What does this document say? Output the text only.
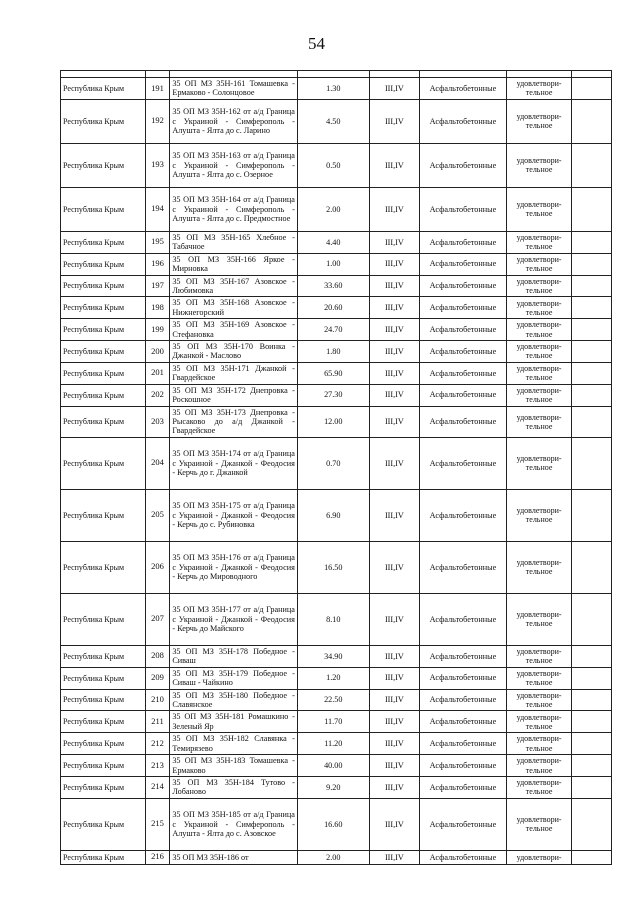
54

Республика Крым	191	35 ОП МЗ 35Н-161 Томашевка - Ермаково - Солонцовое	1.30	III,IV	Асфальтобетонные	удовлетвори-тельное	
Республика Крым	192	35 ОП МЗ 35Н-162 от а/д Граница с Украиной - Симферополь - Алушта - Ялта до с. Ларино	4.50	III,IV	Асфальтобетонные	удовлетвори-тельное	
Республика Крым	193	35 ОП МЗ 35Н-163 от а/д Граница с Украиной - Симферополь - Алушта - Ялта до с. Озерное	0.50	III,IV	Асфальтобетонные	удовлетвори-тельное	
Республика Крым	194	35 ОП МЗ 35Н-164 от а/д Граница с Украиной - Симферополь - Алушта - Ялта до с. Предмостное	2.00	III,IV	Асфальтобетонные	удовлетвори-тельное	
Республика Крым	195	35 ОП МЗ 35Н-165 Хлебное - Табачное	4.40	III,IV	Асфальтобетонные	удовлетвори-тельное	
Республика Крым	196	35 ОП МЗ 35Н-166 Яркое - Мирновка	1.00	III,IV	Асфальтобетонные	удовлетвори-тельное	
Республика Крым	197	35 ОП МЗ 35Н-167 Азовское - Любимовка	33.60	III,IV	Асфальтобетонные	удовлетвори-тельное	
Республика Крым	198	35 ОП МЗ 35Н-168 Азовское - Нижнегорский	20.60	III,IV	Асфальтобетонные	удовлетвори-тельное	
Республика Крым	199	35 ОП МЗ 35Н-169 Азовское - Стефановка	24.70	III,IV	Асфальтобетонные	удовлетвори-тельное	
Республика Крым	200	35 ОП МЗ 35Н-170 Воинка - Джанкой - Маслово	1.80	III,IV	Асфальтобетонные	удовлетвори-тельное	
Республика Крым	201	35 ОП МЗ 35Н-171 Джанкой - Гвардейское	65.90	III,IV	Асфальтобетонные	удовлетвори-тельное	
Республика Крым	202	35 ОП МЗ 35Н-172 Днепровка - Роскошное	27.30	III,IV	Асфальтобетонные	удовлетвори-тельное	
Республика Крым	203	35 ОП МЗ 35Н-173 Днепровка - Рысаково до а/д Джанкой - Гвардейское	12.00	III,IV	Асфальтобетонные	удовлетвори-тельное	
Республика Крым	204	35 ОП МЗ 35Н-174 от а/д Граница с Украиной - Джанкой - Феодосия - Керчь до г. Джанкой	0.70	III,IV	Асфальтобетонные	удовлетвори-тельное	
Республика Крым	205	35 ОП МЗ 35Н-175 от а/д Граница с Украиной - Джанкой - Феодосия - Керчь до с. Рубиновка	6.90	III,IV	Асфальтобетонные	удовлетвори-тельное	
Республика Крым	206	35 ОП МЗ 35Н-176 от а/д Граница с Украиной - Джанкой - Феодосия - Керчь до Мироводного	16.50	III,IV	Асфальтобетонные	удовлетвори-тельное	
Республика Крым	207	35 ОП МЗ 35Н-177 от а/д Граница с Украиной - Джанкой - Феодосия - Керчь до Майского	8.10	III,IV	Асфальтобетонные	удовлетвори-тельное	
Республика Крым	208	35 ОП МЗ 35Н-178 Победное - Сиваш	34.90	III,IV	Асфальтобетонные	удовлетвори-тельное	
Республика Крым	209	35 ОП МЗ 35Н-179 Победное - Сиваш - Чайкино	1.20	III,IV	Асфальтобетонные	удовлетвори-тельное	
Республика Крым	210	35 ОП МЗ 35Н-180 Победное - Славянское	22.50	III,IV	Асфальтобетонные	удовлетвори-тельное	
Республика Крым	211	35 ОП МЗ 35Н-181 Ромашкино - Зеленый Яр	11.70	III,IV	Асфальтобетонные	удовлетвори-тельное	
Республика Крым	212	35 ОП МЗ 35Н-182 Славянка - Темирязево	11.20	III,IV	Асфальтобетонные	удовлетвори-тельное	
Республика Крым	213	35 ОП МЗ 35Н-183 Томашевка - Ермаково	40.00	III,IV	Асфальтобетонные	удовлетвори-тельное	
Республика Крым	214	35 ОП МЗ 35Н-184 Тутово - Лобаново	9.20	III,IV	Асфальтобетонные	удовлетвори-тельное	
Республика Крым	215	35 ОП МЗ 35Н-185 от а/д Граница с Украиной - Симферополь - Алушта - Ялта до с. Азовское	16.60	III,IV	Асфальтобетонные	удовлетвори-тельное	
Республика Крым	216	35 ОП МЗ 35Н-186 от	2.00	III,IV	Асфальтобетонные	удовлетвори-	
